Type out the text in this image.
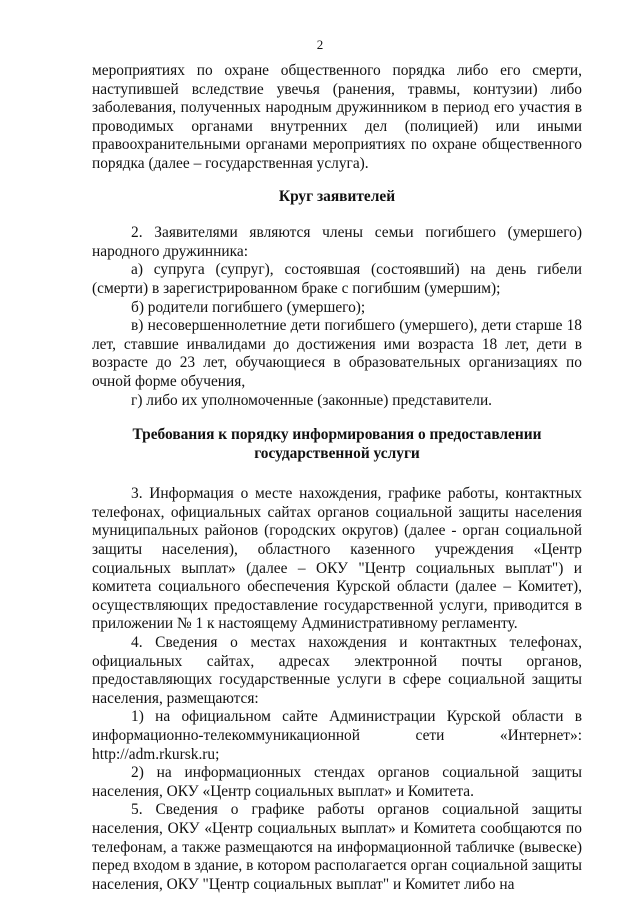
2

мероприятиях по охране общественного порядка либо его смерти, наступившей вследствие увечья (ранения, травмы, контузии) либо заболевания, полученных народным дружинником в период его участия в проводимых органами внутренних дел (полицией) или иными правоохранительными органами мероприятиях по охране общественного порядка (далее – государственная услуга).

Круг заявителей

2. Заявителями являются члены семьи погибшего (умершего) народного дружинника:

а) супруга (супруг), состоявшая (состоявший) на день гибели (смерти) в зарегистрированном браке с погибшим (умершим);

б) родители погибшего (умершего);

в) несовершеннолетние дети погибшего (умершего), дети старше 18 лет, ставшие инвалидами до достижения ими возраста 18 лет, дети в возрасте до 23 лет, обучающиеся в образовательных организациях по очной форме обучения,

г) либо их уполномоченные (законные) представители.

Требования к порядку информирования о предоставлении
государственной услуги

3. Информация о месте нахождения, графике работы, контактных телефонах, официальных сайтах органов социальной защиты населения муниципальных районов (городских округов) (далее - орган социальной защиты населения), областного казенного учреждения «Центр социальных выплат» (далее – ОКУ "Центр социальных выплат") и комитета социального обеспечения Курской области (далее – Комитет), осуществляющих предоставление государственной услуги, приводится в приложении № 1 к настоящему Административному регламенту.

4. Сведения о местах нахождения и контактных телефонах, официальных сайтах, адресах электронной почты органов, предоставляющих государственные услуги в сфере социальной защиты населения, размещаются:

1) на официальном сайте Администрации Курской области в информационно-телекоммуникационной сети «Интернет»: http://adm.rkursk.ru;

2) на информационных стендах органов социальной защиты населения, ОКУ «Центр социальных выплат» и Комитета.

5. Сведения о графике работы органов социальной защиты населения, ОКУ «Центр социальных выплат» и Комитета сообщаются по телефонам, а также размещаются на информационной табличке (вывеске) перед входом в здание, в котором располагается орган социальной защиты населения, ОКУ "Центр социальных выплат" и Комитет либо на
